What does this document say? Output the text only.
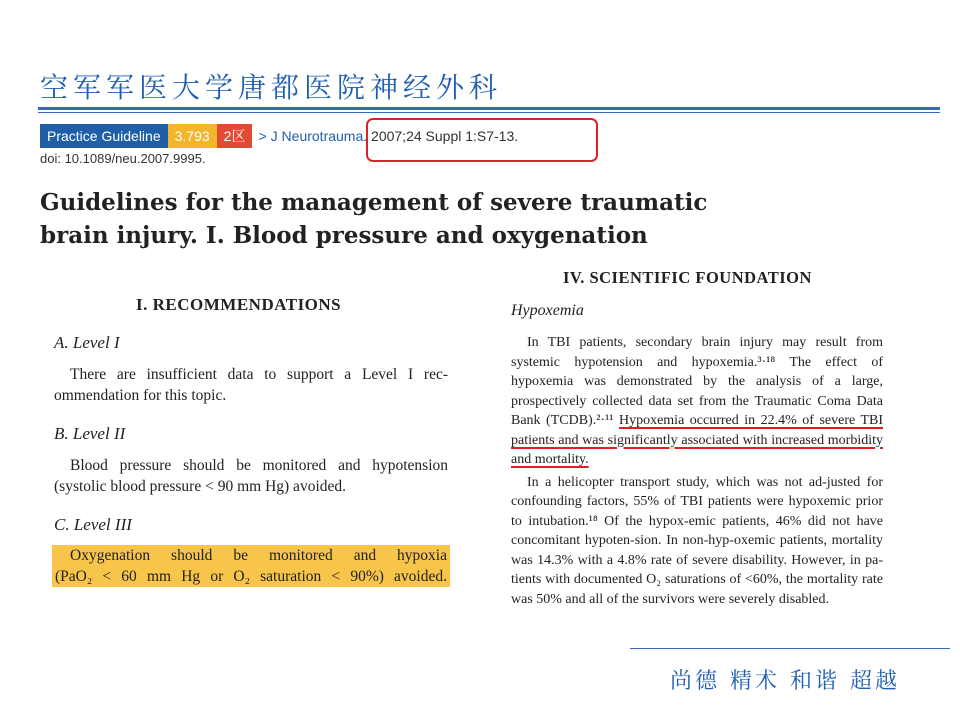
空军军医大学唐都医院神经外科
Practice Guideline	3.793	2区 > J Neurotrauma. 2007;24 Suppl 1:S7-13.
doi: 10.1089/neu.2007.9995.
Guidelines for the management of severe traumatic
brain injury. I. Blood pressure and oxygenation
I. RECOMMENDATIONS
A. Level I

There are insufficient data to support a Level I rec-ommendation for this topic.

B. Level II

Blood pressure should be monitored and hypotension (systolic blood pressure < 90 mm Hg) avoided.

C. Level III
Oxygenation should be monitored and hypoxia
(PaO₂ < 60 mm Hg or O₂ saturation < 90%) avoided.
IV. SCIENTIFIC FOUNDATION
Hypoxemia

In TBI patients, secondary brain injury may result from systemic hypotension and hypoxemia.³·¹⁸ The effect of hypoxemia was demonstrated by the analysis of a large, prospectively collected data set from the Traumatic Coma Data Bank (TCDB).²·¹¹ Hypoxemia occurred in 22.4% of severe TBI patients and was significantly associated with increased morbidity and mortality.

In a helicopter transport study, which was not ad-justed for confounding factors, 55% of TBI patients were hypoxemic prior to intubation.¹⁸ Of the hypox-emic patients, 46% did not have concomitant hypoten-sion. In non-hyp-oxemic patients, mortality was 14.3% with a 4.8% rate of severe disability. However, in pa-tients with documented O₂ saturations of <60%, the mortality rate was 50% and all of the survivors were severely disabled.

尚德 精术 和谐 超越
